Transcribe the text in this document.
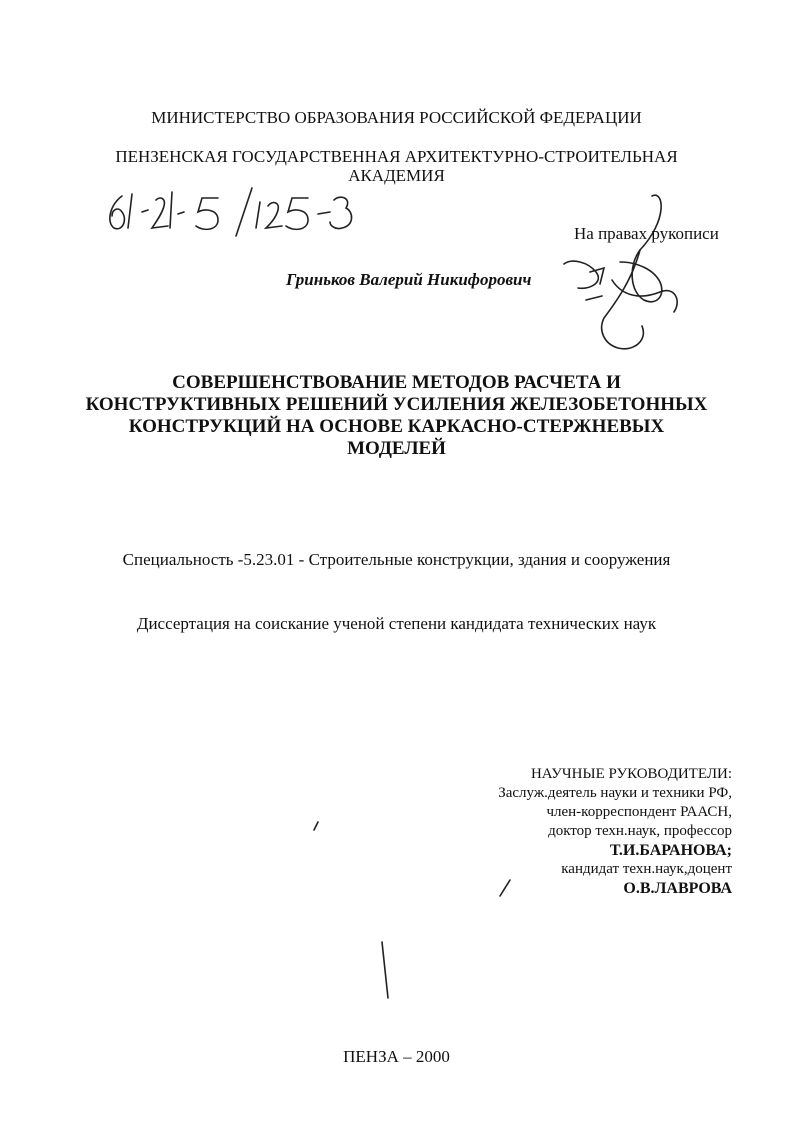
МИНИСТЕРСТВО ОБРАЗОВАНИЯ РОССИЙСКОЙ ФЕДЕРАЦИИ
ПЕНЗЕНСКАЯ ГОСУДАРСТВЕННАЯ АРХИТЕКТУРНО-СТРОИТЕЛЬНАЯ
АКАДЕМИЯ
На правах рукописи
Гриньков Валерий Никифорович
СОВЕРШЕНСТВОВАНИЕ МЕТОДОВ РАСЧЕТА И
КОНСТРУКТИВНЫХ РЕШЕНИЙ УСИЛЕНИЯ ЖЕЛЕЗОБЕТОННЫХ
КОНСТРУКЦИЙ НА ОСНОВЕ КАРКАСНО-СТЕРЖНЕВЫХ
МОДЕЛЕЙ
Специальность -5.23.01 - Строительные конструкции, здания и сооружения
Диссертация на соискание ученой степени кандидата технических наук
НАУЧНЫЕ РУКОВОДИТЕЛИ:
Заслуж.деятель науки и техники РФ,
член-корреспондент РААСН,
доктор техн.наук, профессор
Т.И.БАРАНОВА;
кандидат техн.наук,доцент
О.В.ЛАВРОВА
ПЕНЗА – 2000
